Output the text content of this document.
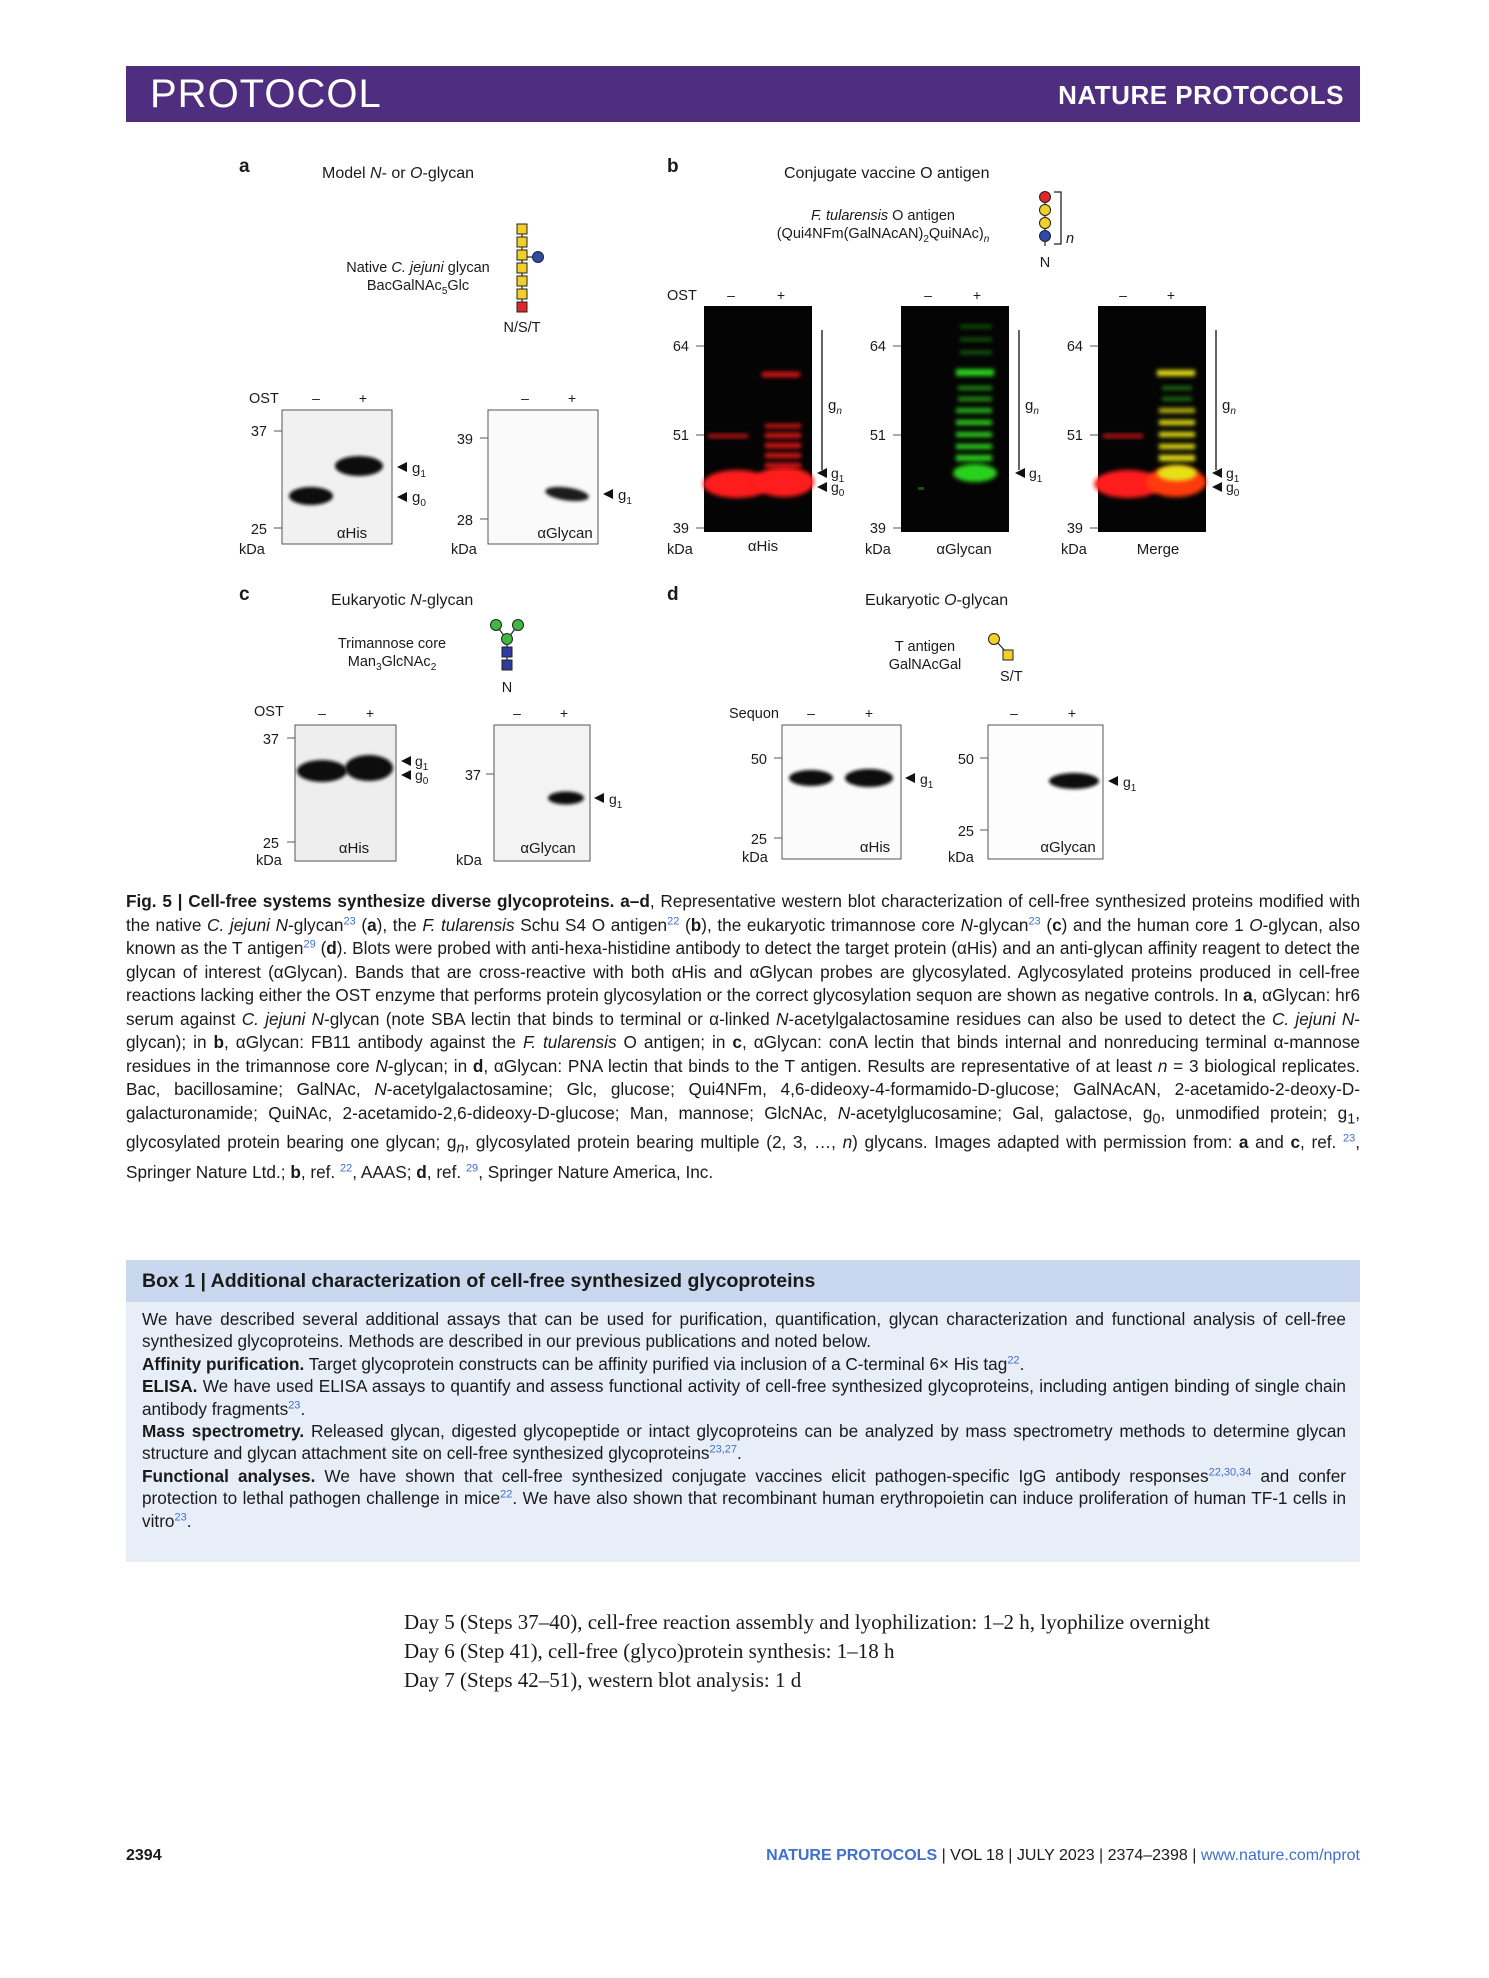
PROTOCOL	NATURE PROTOCOLS
a	Model N- or O-glycan
Native C. jejuni glycan
BacGalNAc$_5$Glc
N/S/T
OST –	+	–	+
37
25
kDa
αHis
$g_1$
$g_0$
39
28
kDa
αGlycan
$g_1$
b	Conjugate vaccine O antigen
F. tularensis O antigen
$(Qui4NFm(GalNAcAN)_2QuiNAc)_n$	n
N
OST –	+	–	+	–	+
64
51
39
64
51
39
64
51
39
kDa	kDa	kDa
αHis	αGlycan	Merge
$g_n$	$g_n$	$g_n$
$g_1$
$g_0$
$g_1$	$g_1$
$g_0$
c	Eukaryotic N-glycan
Trimannose core
Man$_3$GlcNAc$_2$
N
OST –	+	–	+
37
25
kDa
αHis
$g_1$
$g_0$	37
kDa
αGlycan
$g_1$
d	Eukaryotic O-glycan
T antigen
GalNAcGal
S/T
Sequon –	+	–	+
50
25
kDa
αHis
$g_1$
50
25
kDa
αGlycan
$g_1$
Fig. 5 | Cell-free systems synthesize diverse glycoproteins. a–d, Representative western blot characterization of cell-free synthesized proteins modified with the native C. jejuni N-glycan$^{23}$ (a), the F. tularensis Schu S4 O antigen$^{22}$ (b), the eukaryotic trimannose core N-glycan$^{23}$ (c) and the human core 1 O-glycan, also known as the T antigen$^{29}$ (d). Blots were probed with anti-hexa-histidine antibody to detect the target protein (αHis) and an anti-glycan affinity reagent to detect the glycan of interest (αGlycan). Bands that are cross-reactive with both αHis and αGlycan probes are glycosylated. Aglycosylated proteins produced in cell-free reactions lacking either the OST enzyme that performs protein glycosylation or the correct glycosylation sequon are shown as negative controls. In a, αGlycan: hr6 serum against C. jejuni N-glycan (note SBA lectin that binds to terminal or α-linked N-acetylgalactosamine residues can also be used to detect the C. jejuni N-glycan); in b, αGlycan: FB11 antibody against the F. tularensis O antigen; in c, αGlycan: conA lectin that binds internal and nonreducing terminal α-mannose residues in the trimannose core N-glycan; in d, αGlycan: PNA lectin that binds to the T antigen. Results are representative of at least n = 3 biological replicates. Bac, bacillosamine; GalNAc, N-acetylgalactosamine; Glc, glucose; Qui4NFm, 4,6-dideoxy-4-formamido-D-glucose; GalNAcAN, 2-acetamido-2-deoxy-D-galacturonamide; QuiNAc, 2-acetamido-2,6-dideoxy-D-glucose; Man, mannose; GlcNAc, N-acetylglucosamine; Gal, galactose, $g_0$, unmodified protein; $g_1$, glycosylated protein bearing one glycan; $g_n$, glycosylated protein bearing multiple (2, 3, …, n) glycans. Images adapted with permission from: a and c, ref. $^{23}$, Springer Nature Ltd.; b, ref. $^{22}$, AAAS; d, ref. $^{29}$, Springer Nature America, Inc.
Box 1 | Additional characterization of cell-free synthesized glycoproteins

We have described several additional assays that can be used for purification, quantification, glycan characterization and functional analysis of cell-free synthesized glycoproteins. Methods are described in our previous publications and noted below.

Affinity purification. Target glycoprotein constructs can be affinity purified via inclusion of a C-terminal 6× His tag$^{22}$.

ELISA. We have used ELISA assays to quantify and assess functional activity of cell-free synthesized glycoproteins, including antigen binding of single chain antibody fragments$^{23}$.

Mass spectrometry. Released glycan, digested glycopeptide or intact glycoproteins can be analyzed by mass spectrometry methods to determine glycan structure and glycan attachment site on cell-free synthesized glycoproteins$^{23,27}$.

Functional analyses. We have shown that cell-free synthesized conjugate vaccines elicit pathogen-specific IgG antibody responses$^{22,30,34}$ and confer protection to lethal pathogen challenge in mice$^{22}$. We have also shown that recombinant human erythropoietin can induce proliferation of human TF-1 cells in vitro$^{23}$.

Day 5 (Steps 37–40), cell-free reaction assembly and lyophilization: 1–2 h, lyophilize overnight
Day 6 (Step 41), cell-free (glyco)protein synthesis: 1–18 h
Day 7 (Steps 42–51), western blot analysis: 1 d
2394	NATURE PROTOCOLS | VOL 18 | JULY 2023 | 2374–2398 | www.nature.com/nprot
